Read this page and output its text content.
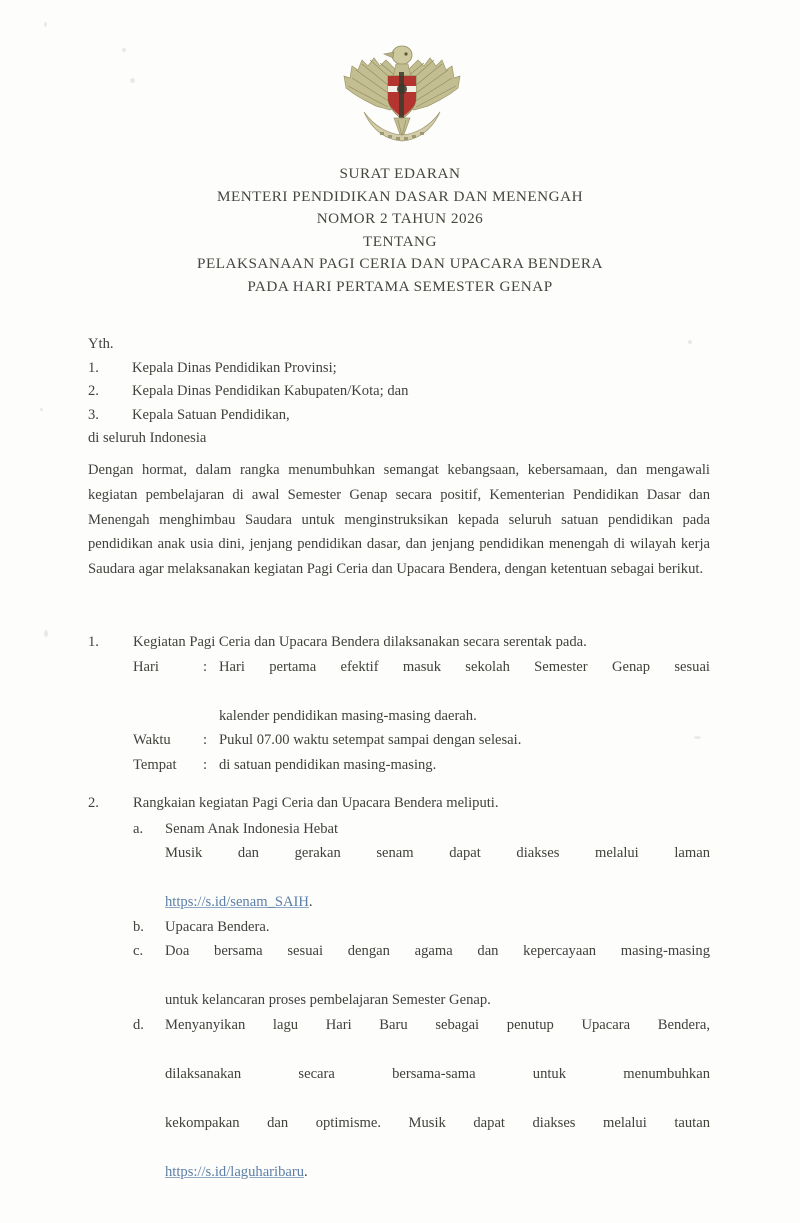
SURAT EDARAN
MENTERI PENDIDIKAN DASAR DAN MENENGAH
NOMOR 2 TAHUN 2026
TENTANG
PELAKSANAAN PAGI CERIA DAN UPACARA BENDERA
PADA HARI PERTAMA SEMESTER GENAP
Yth.
1.	Kepala Dinas Pendidikan Provinsi;
2.	Kepala Dinas Pendidikan Kabupaten/Kota; dan
3.	Kepala Satuan Pendidikan,
di seluruh Indonesia
Dengan hormat, dalam rangka menumbuhkan semangat kebangsaan, kebersamaan, dan mengawali kegiatan pembelajaran di awal Semester Genap secara positif, Kementerian Pendidikan Dasar dan Menengah menghimbau Saudara untuk menginstruksikan kepada seluruh satuan pendidikan pada pendidikan anak usia dini, jenjang pendidikan dasar, dan jenjang pendidikan menengah di wilayah kerja Saudara agar melaksanakan kegiatan Pagi Ceria dan Upacara Bendera, dengan ketentuan sebagai berikut.
1.	Kegiatan Pagi Ceria dan Upacara Bendera dilaksanakan secara serentak pada.
Hari	: Hari pertama efektif masuk sekolah Semester Genap sesuai
kalender pendidikan masing-masing daerah.
Waktu	: Pukul 07.00 waktu setempat sampai dengan selesai.
Tempat	: di satuan pendidikan masing-masing.
2.	Rangkaian kegiatan Pagi Ceria dan Upacara Bendera meliputi.
a.	Senam Anak Indonesia Hebat
Musik dan gerakan senam dapat diakses melalui laman
https://s.id/senam_SAIH.
b.	Upacara Bendera.
c.	Doa bersama sesuai dengan agama dan kepercayaan masing-masing
untuk kelancaran proses pembelajaran Semester Genap.
d.	Menyanyikan lagu Hari Baru sebagai penutup Upacara Bendera,
dilaksanakan secara bersama-sama untuk menumbuhkan
kekompakan dan optimisme. Musik dapat diakses melalui tautan
https://s.id/laguharibaru.
